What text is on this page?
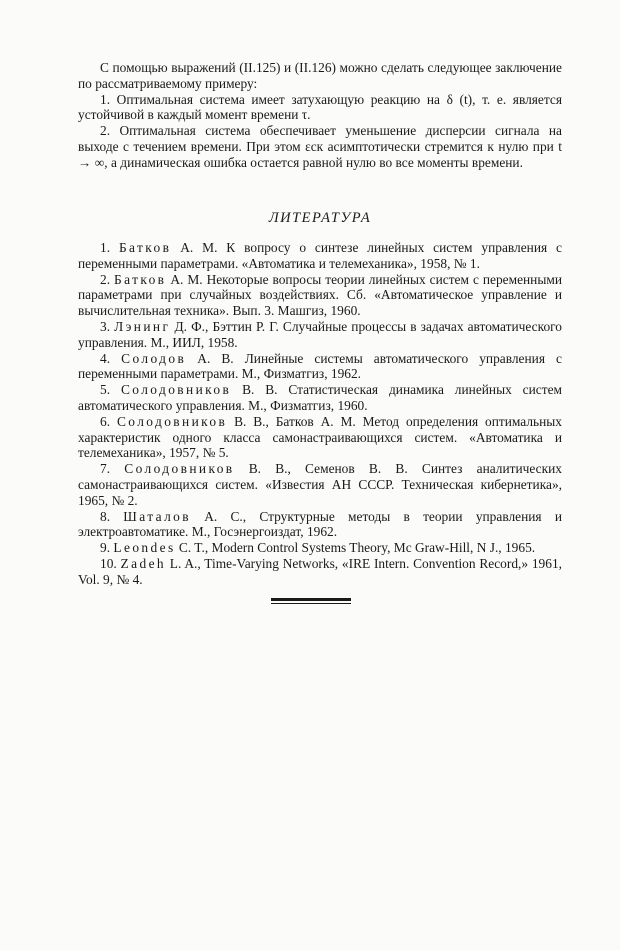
С помощью выражений (II.125) и (II.126) можно сделать следующее заключение по рассматриваемому примеру:

1. Оптимальная система имеет затухающую реакцию на δ (t), т. е. является устойчивой в каждый момент времени τ.

2. Оптимальная система обеспечивает уменьшение дисперсии сигнала на выходе с течением времени. При этом εск асимптотически стремится к нулю при t → ∞, а динамическая ошибка остается равной нулю во все моменты времени.

ЛИТЕРАТУРА

1. Батков А. М. К вопросу о синтезе линейных систем управления с переменными параметрами. «Автоматика и телемеханика», 1958, № 1.

2. Батков А. М. Некоторые вопросы теории линейных систем с переменными параметрами при случайных воздействиях. Сб. «Автоматическое управление и вычислительная техника». Вып. 3. Машгиз, 1960.

3. Лэнинг Д. Ф., Бэттин Р. Г. Случайные процессы в задачах автоматического управления. М., ИИЛ, 1958.

4. Солодов А. В. Линейные системы автоматического управления с переменными параметрами. М., Физматгиз, 1962.

5. Солодовников В. В. Статистическая динамика линейных систем автоматического управления. М., Физматгиз, 1960.

6. Солодовников В. В., Батков А. М. Метод определения оптимальных характеристик одного класса самонастраивающихся систем. «Автоматика и телемеханика», 1957, № 5.

7. Солодовников В. В., Семенов В. В. Синтез аналитических самонастраивающихся систем. «Известия АН СССР. Техническая кибернетика», 1965, № 2.

8. Шаталов А. С., Структурные методы в теории управления и электроавтоматике. М., Госэнергоиздат, 1962.

9. Leondes C. T., Modern Control Systems Theory, Mc Graw-Hill, N J., 1965.

10. Zadeh L. A., Time-Varying Networks, «IRE Intern. Convention Record,» 1961, Vol. 9, № 4.
